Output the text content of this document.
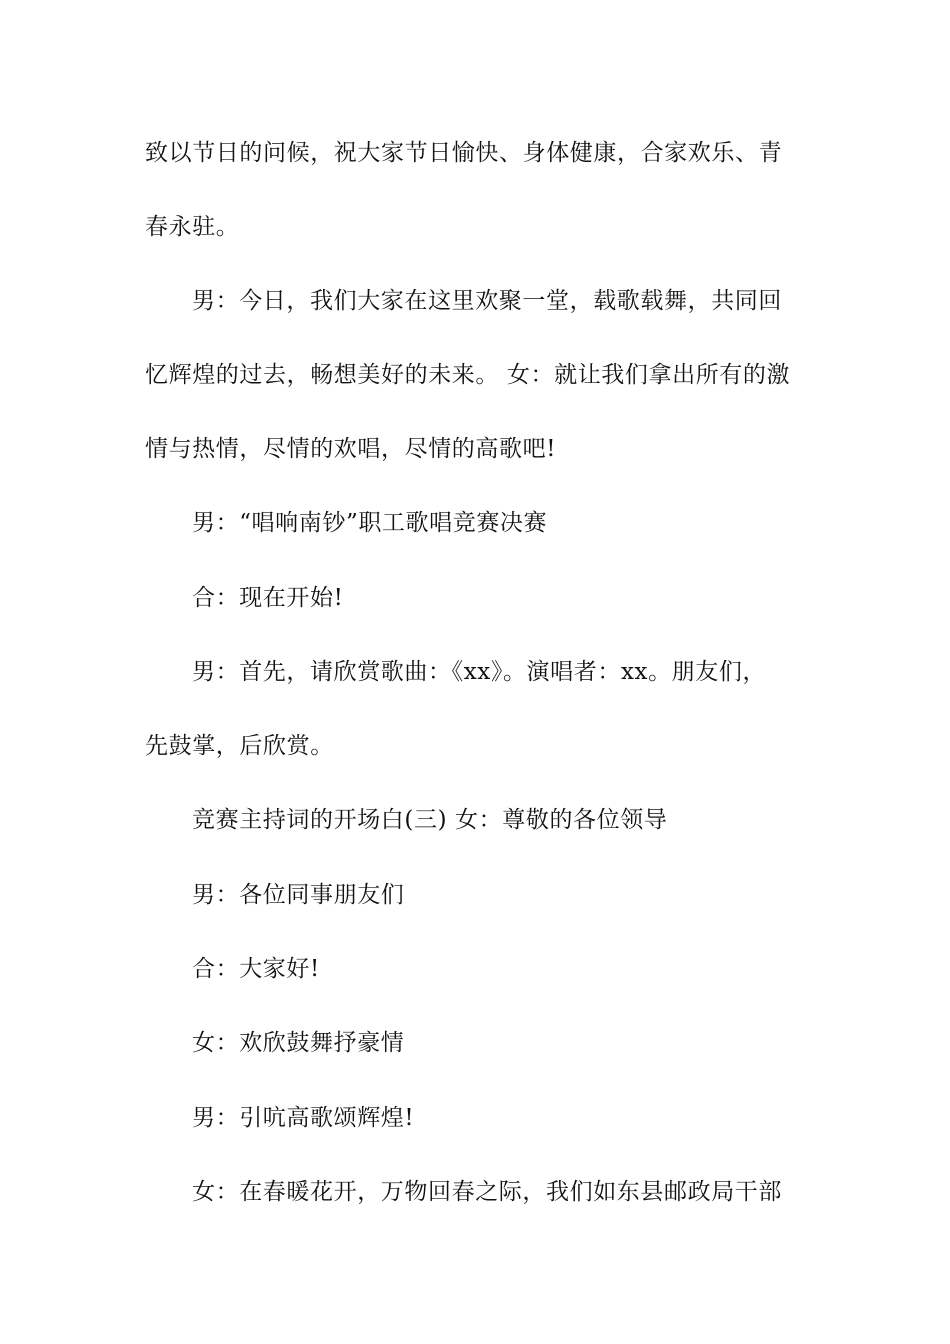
致以节日的问候，祝大家节日愉快、身体健康，合家欢乐、青
春永驻。
男：今日，我们大家在这里欢聚一堂，载歌载舞，共同回
忆辉煌的过去，畅想美好的未来。 女：就让我们拿出所有的激
情与热情，尽情的欢唱，尽情的高歌吧!
男：“唱响南钞”职工歌唱竞赛决赛
合：现在开始!
男：首先，请欣赏歌曲：《xx》。演唱者：xx。朋友们，
先鼓掌，后欣赏。
竞赛主持词的开场白(三) 女：尊敬的各位领导
男：各位同事朋友们
合：大家好!
女：欢欣鼓舞抒豪情
男：引吭高歌颂辉煌!
女：在春暖花开，万物回春之际，我们如东县邮政局干部
